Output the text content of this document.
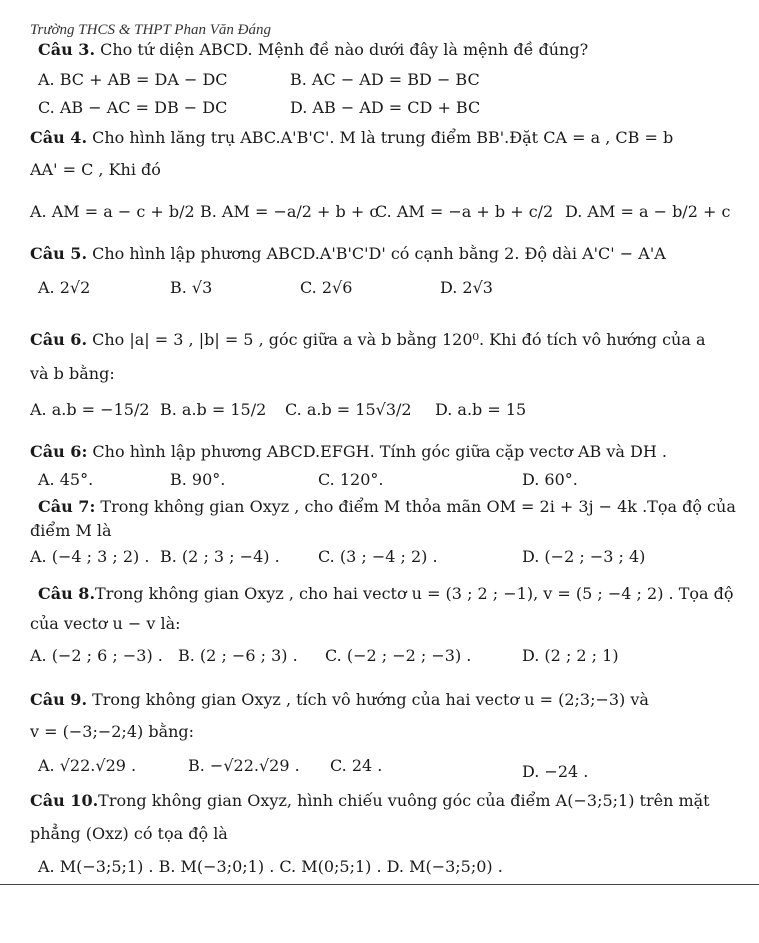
Trường THCS & THPT Phan Văn Đáng
Câu 3. Cho tứ diện ABCD. Mệnh đề nào dưới đây là mệnh đề đúng?
A. BC + AB = DA − DC	B. AC − AD = BD − BC
C. AB − AC = DB − DC	D. AB − AD = CD + BC
Câu 4. Cho hình lăng trụ ABC.A'B'C'. M là trung điểm BB'.Đặt CA = a , CB = b
AA' = C , Khi đó
A. AM = a − c + b/2 B. AM = −a/2 + b + c
C. AM = −a + b + c/2 D. AM = a − b/2 + c
Câu 5. Cho hình lập phương ABCD.A'B'C'D' có cạnh bằng 2. Độ dài A'C' − A'A
A. 2√2	B. √3	C. 2√6	D. 2√3
Câu 6. Cho |a| = 3 , |b| = 5 , góc giữa a và b bằng 120⁰. Khi đó tích vô hướng của a
và b bằng:
A. a.b = −15/2 B. a.b = 15/2 C. a.b = 15√3/2 D. a.b = 15
Câu 6: Cho hình lập phương ABCD.EFGH. Tính góc giữa cặp vectơ AB và DH .
A. 45°.	B. 90°.	C. 120°.	D. 60°.
Câu 7: Trong không gian Oxyz , cho điểm M thỏa mãn OM = 2i + 3j − 4k .Tọa độ của
điểm M là
A. (−4 ; 3 ; 2) . B. (2 ; 3 ; −4) . C. (3 ; −4 ; 2) .	D. (−2 ; −3 ; 4)
Câu 8.Trong không gian Oxyz , cho hai vectơ u = (3 ; 2 ; −1), v = (5 ; −4 ; 2) . Tọa độ
của vectơ u − v là:
A. (−2 ; 6 ; −3) . B. (2 ; −6 ; 3) . C. (−2 ; −2 ; −3) .	D. (2 ; 2 ; 1)
Câu 9. Trong không gian Oxyz , tích vô hướng của hai vectơ u = (2;3;−3) và
v = (−3;−2;4) bằng:
A. √22.√29 .	B. −√22.√29 . C. 24 .	D. −24 .
Câu 10.Trong không gian Oxyz, hình chiếu vuông góc của điểm A(−3;5;1) trên mặt
phẳng (Oxz) có tọa độ là
A. M(−3;5;1) . B. M(−3;0;1) . C. M(0;5;1) . D. M(−3;5;0) .
